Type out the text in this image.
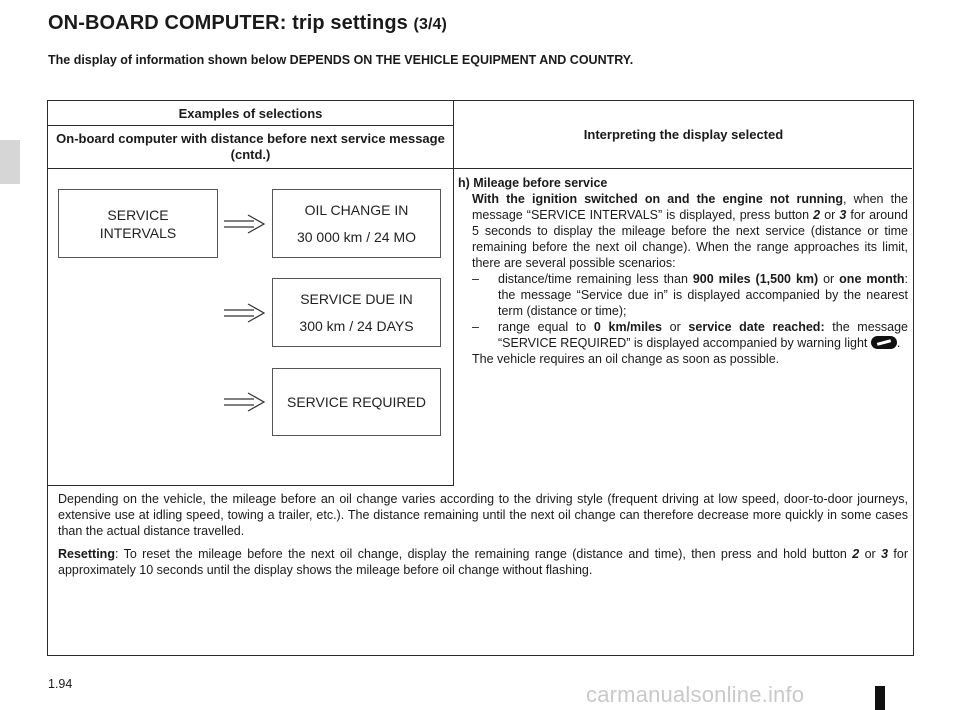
ON-BOARD COMPUTER: trip settings (3/4)
The display of information shown below DEPENDS ON THE VEHICLE EQUIPMENT AND COUNTRY.
Examples of selections
On-board computer with distance before next service message (cntd.)
Interpreting the display selected
SERVICE
INTERVALS
OIL CHANGE IN
30 000 km / 24 MO
SERVICE DUE IN
300 km / 24 DAYS
SERVICE REQUIRED

h) Mileage before service

With the ignition switched on and the engine not running, when the message “SERVICE INTERVALS” is displayed, press button 2 or 3 for around 5 seconds to display the mileage before the next service (distance or time remaining before the next oil change). When the range approaches its limit, there are several possible scenarios:

– distance/time remaining less than 900 miles (1,500 km) or one month: the message “Service due in” is displayed accompanied by the nearest term (distance or time);
– range equal to 0 km/miles or service date reached: the message “SERVICE REQUIRED” is displayed accompanied by warning light .

The vehicle requires an oil change as soon as possible.

Depending on the vehicle, the mileage before an oil change varies according to the driving style (frequent driving at low speed, door-to-door journeys, extensive use at idling speed, towing a trailer, etc.). The distance remaining until the next oil change can therefore decrease more quickly in some cases than the actual distance travelled.

Resetting: To reset the mileage before the next oil change, display the remaining range (distance and time), then press and hold button 2 or 3 for approximately 10 seconds until the display shows the mileage before oil change without flashing.

1.94	carmanualsonline.info
